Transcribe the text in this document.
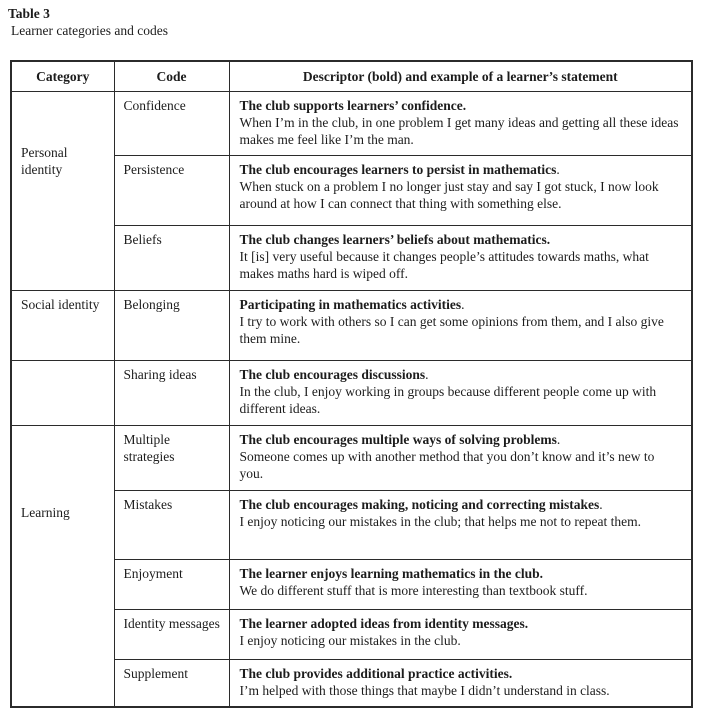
Table 3
Learner categories and codes
Category	Code	Descriptor (bold) and example of a learner’s statement
Personal identity	Confidence	The club supports learners’ confidence.
When I’m in the club, in one problem I get many ideas and getting all these ideas makes me feel like I’m the man.

	Persistence	The club encourages learners to persist in mathematics.
When stuck on a problem I no longer just stay and say I got stuck, I now look around at how I can connect that thing with something else.

	Beliefs	The club changes learners’ beliefs about mathematics.
It [is] very useful because it changes people’s attitudes towards maths, what makes maths hard is wiped off.

Social identity	Belonging	Participating in mathematics activities.
I try to work with others so I can get some opinions from them, and I also give them mine.

	Sharing ideas	The club encourages discussions.
In the club, I enjoy working in groups because different people come up with different ideas.

Learning	Multiple strategies	The club encourages multiple ways of solving problems.
Someone comes up with another method that you don’t know and it’s new to you.

	Mistakes	The club encourages making, noticing and correcting mistakes.
I enjoy noticing our mistakes in the club; that helps me not to repeat them.

	Enjoyment	The learner enjoys learning mathematics in the club.
We do different stuff that is more interesting than textbook stuff.

	Identity messages	The learner adopted ideas from identity messages.
I enjoy noticing our mistakes in the club.

	Supplement	The club provides additional practice activities.
I’m helped with those things that maybe I didn’t understand in class.
